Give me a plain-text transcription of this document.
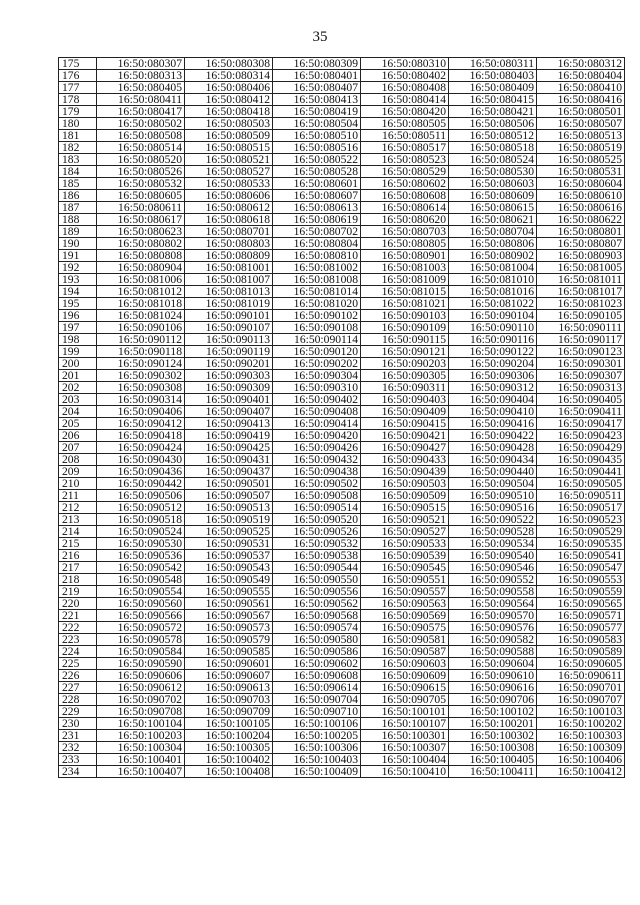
35
175	16:50:080307	16:50:080308	16:50:080309	16:50:080310	16:50:080311	16:50:080312
176	16:50:080313	16:50:080314	16:50:080401	16:50:080402	16:50:080403	16:50:080404
177	16:50:080405	16:50:080406	16:50:080407	16:50:080408	16:50:080409	16:50:080410
178	16:50:080411	16:50:080412	16:50:080413	16:50:080414	16:50:080415	16:50:080416
179	16:50:080417	16:50:080418	16:50:080419	16:50:080420	16:50:080421	16:50:080501
180	16:50:080502	16:50:080503	16:50:080504	16:50:080505	16:50:080506	16:50:080507
181	16:50:080508	16:50:080509	16:50:080510	16:50:080511	16:50:080512	16:50:080513
182	16:50:080514	16:50:080515	16:50:080516	16:50:080517	16:50:080518	16:50:080519
183	16:50:080520	16:50:080521	16:50:080522	16:50:080523	16:50:080524	16:50:080525
184	16:50:080526	16:50:080527	16:50:080528	16:50:080529	16:50:080530	16:50:080531
185	16:50:080532	16:50:080533	16:50:080601	16:50:080602	16:50:080603	16:50:080604
186	16:50:080605	16:50:080606	16:50:080607	16:50:080608	16:50:080609	16:50:080610
187	16:50:080611	16:50:080612	16:50:080613	16:50:080614	16:50:080615	16:50:080616
188	16:50:080617	16:50:080618	16:50:080619	16:50:080620	16:50:080621	16:50:080622
189	16:50:080623	16:50:080701	16:50:080702	16:50:080703	16:50:080704	16:50:080801
190	16:50:080802	16:50:080803	16:50:080804	16:50:080805	16:50:080806	16:50:080807
191	16:50:080808	16:50:080809	16:50:080810	16:50:080901	16:50:080902	16:50:080903
192	16:50:080904	16:50:081001	16:50:081002	16:50:081003	16:50:081004	16:50:081005
193	16:50:081006	16:50:081007	16:50:081008	16:50:081009	16:50:081010	16:50:081011
194	16:50:081012	16:50:081013	16:50:081014	16:50:081015	16:50:081016	16:50:081017
195	16:50:081018	16:50:081019	16:50:081020	16:50:081021	16:50:081022	16:50:081023
196	16:50:081024	16:50:090101	16:50:090102	16:50:090103	16:50:090104	16:50:090105
197	16:50:090106	16:50:090107	16:50:090108	16:50:090109	16:50:090110	16:50:090111
198	16:50:090112	16:50:090113	16:50:090114	16:50:090115	16:50:090116	16:50:090117
199	16:50:090118	16:50:090119	16:50:090120	16:50:090121	16:50:090122	16:50:090123
200	16:50:090124	16:50:090201	16:50:090202	16:50:090203	16:50:090204	16:50:090301
201	16:50:090302	16:50:090303	16:50:090304	16:50:090305	16:50:090306	16:50:090307
202	16:50:090308	16:50:090309	16:50:090310	16:50:090311	16:50:090312	16:50:090313
203	16:50:090314	16:50:090401	16:50:090402	16:50:090403	16:50:090404	16:50:090405
204	16:50:090406	16:50:090407	16:50:090408	16:50:090409	16:50:090410	16:50:090411
205	16:50:090412	16:50:090413	16:50:090414	16:50:090415	16:50:090416	16:50:090417
206	16:50:090418	16:50:090419	16:50:090420	16:50:090421	16:50:090422	16:50:090423
207	16:50:090424	16:50:090425	16:50:090426	16:50:090427	16:50:090428	16:50:090429
208	16:50:090430	16:50:090431	16:50:090432	16:50:090433	16:50:090434	16:50:090435
209	16:50:090436	16:50:090437	16:50:090438	16:50:090439	16:50:090440	16:50:090441
210	16:50:090442	16:50:090501	16:50:090502	16:50:090503	16:50:090504	16:50:090505
211	16:50:090506	16:50:090507	16:50:090508	16:50:090509	16:50:090510	16:50:090511
212	16:50:090512	16:50:090513	16:50:090514	16:50:090515	16:50:090516	16:50:090517
213	16:50:090518	16:50:090519	16:50:090520	16:50:090521	16:50:090522	16:50:090523
214	16:50:090524	16:50:090525	16:50:090526	16:50:090527	16:50:090528	16:50:090529
215	16:50:090530	16:50:090531	16:50:090532	16:50:090533	16:50:090534	16:50:090535
216	16:50:090536	16:50:090537	16:50:090538	16:50:090539	16:50:090540	16:50:090541
217	16:50:090542	16:50:090543	16:50:090544	16:50:090545	16:50:090546	16:50:090547
218	16:50:090548	16:50:090549	16:50:090550	16:50:090551	16:50:090552	16:50:090553
219	16:50:090554	16:50:090555	16:50:090556	16:50:090557	16:50:090558	16:50:090559
220	16:50:090560	16:50:090561	16:50:090562	16:50:090563	16:50:090564	16:50:090565
221	16:50:090566	16:50:090567	16:50:090568	16:50:090569	16:50:090570	16:50:090571
222	16:50:090572	16:50:090573	16:50:090574	16:50:090575	16:50:090576	16:50:090577
223	16:50:090578	16:50:090579	16:50:090580	16:50:090581	16:50:090582	16:50:090583
224	16:50:090584	16:50:090585	16:50:090586	16:50:090587	16:50:090588	16:50:090589
225	16:50:090590	16:50:090601	16:50:090602	16:50:090603	16:50:090604	16:50:090605
226	16:50:090606	16:50:090607	16:50:090608	16:50:090609	16:50:090610	16:50:090611
227	16:50:090612	16:50:090613	16:50:090614	16:50:090615	16:50:090616	16:50:090701
228	16:50:090702	16:50:090703	16:50:090704	16:50:090705	16:50:090706	16:50:090707
229	16:50:090708	16:50:090709	16:50:090710	16:50:100101	16:50:100102	16:50:100103
230	16:50:100104	16:50:100105	16:50:100106	16:50:100107	16:50:100201	16:50:100202
231	16:50:100203	16:50:100204	16:50:100205	16:50:100301	16:50:100302	16:50:100303
232	16:50:100304	16:50:100305	16:50:100306	16:50:100307	16:50:100308	16:50:100309
233	16:50:100401	16:50:100402	16:50:100403	16:50:100404	16:50:100405	16:50:100406
234	16:50:100407	16:50:100408	16:50:100409	16:50:100410	16:50:100411	16:50:100412
